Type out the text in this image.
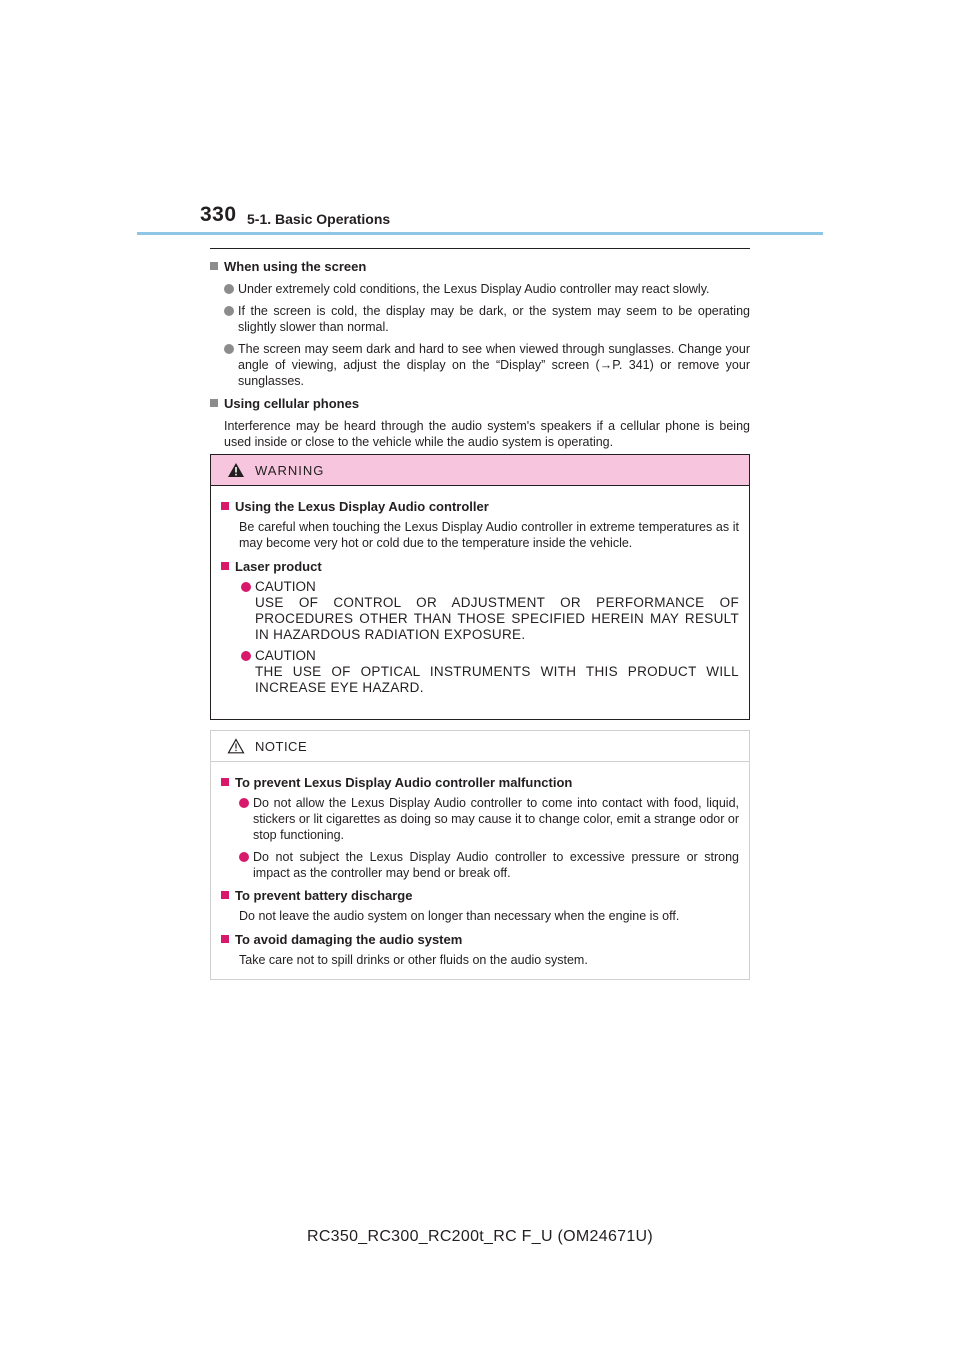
330 5-1. Basic Operations
When using the screen
Under extremely cold conditions, the Lexus Display Audio controller may react slowly.
If the screen is cold, the display may be dark, or the system may seem to be operating slightly slower than normal.
The screen may seem dark and hard to see when viewed through sunglasses. Change your angle of viewing, adjust the display on the “Display” screen (→P. 341) or remove your sunglasses.
Using cellular phones
Interference may be heard through the audio system's speakers if a cellular phone is being used inside or close to the vehicle while the audio system is operating.
WARNING
Using the Lexus Display Audio controller
Be careful when touching the Lexus Display Audio controller in extreme temperatures as it may become very hot or cold due to the temperature inside the vehicle.
Laser product
CAUTION
USE OF CONTROL OR ADJUSTMENT OR PERFORMANCE OF PROCEDURES OTHER THAN THOSE SPECIFIED HEREIN MAY RESULT IN HAZARDOUS RADIATION EXPOSURE.
CAUTION
THE USE OF OPTICAL INSTRUMENTS WITH THIS PRODUCT WILL INCREASE EYE HAZARD.
NOTICE
To prevent Lexus Display Audio controller malfunction
Do not allow the Lexus Display Audio controller to come into contact with food, liquid, stickers or lit cigarettes as doing so may cause it to change color, emit a strange odor or stop functioning.
Do not subject the Lexus Display Audio controller to excessive pressure or strong impact as the controller may bend or break off.
To prevent battery discharge
Do not leave the audio system on longer than necessary when the engine is off.
To avoid damaging the audio system
Take care not to spill drinks or other fluids on the audio system.
RC350_RC300_RC200t_RC F_U (OM24671U)
